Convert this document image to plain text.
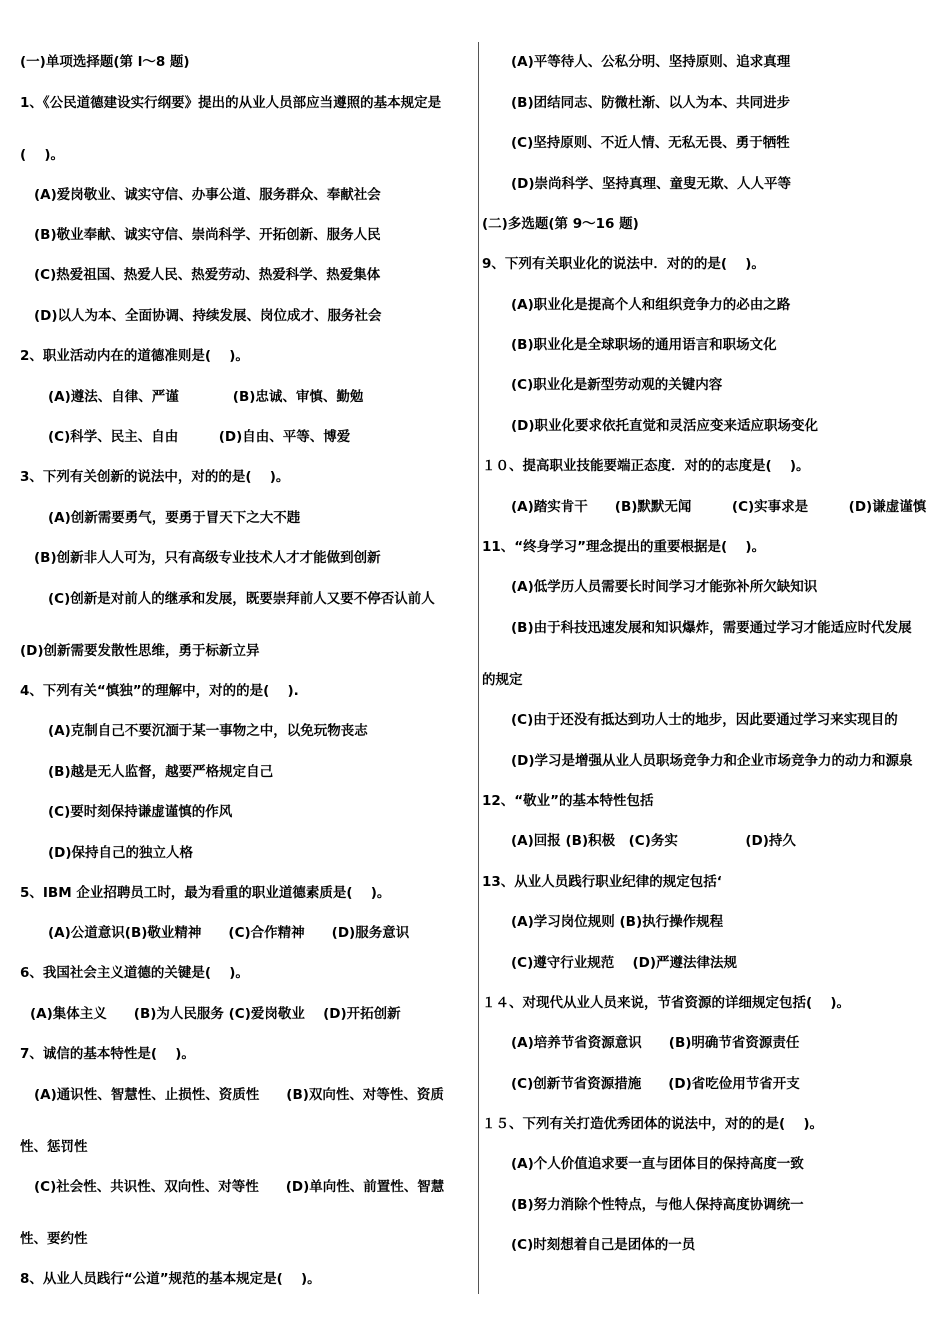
(一)单项选择题(第 l～8 题)
1、《公民道德建设实行纲要》提出的从业人员部应当遵照的基本规定是
(　 )。
(A)爱岗敬业、诚实守信、办事公道、服务群众、奉献社会
(B)敬业奉献、诚实守信、崇尚科学、开拓创新、服务人民
(C)热爱祖国、热爱人民、热爱劳动、热爱科学、热爱集体
(D)以人为本、全面协调、持续发展、岗位成才、服务社会
2、职业活动内在的道德准则是(　 )。
(A)遵法、自律、严谨　　　　(B)忠诚、审慎、勤勉
(C)科学、民主、自由　　　(D)自由、平等、博爱
3、下列有关创新的说法中，对的的是(　 )。
(A)创新需要勇气，要勇于冒天下之大不韪
(B)创新非人人可为，只有高级专业技术人才才能做到创新
(C)创新是对前人的继承和发展，既要崇拜前人又要不停否认前人
(D)创新需要发散性思维，勇于标新立异
4、下列有关“慎独”的理解中，对的的是(　 ).
(A)克制自己不要沉湎于某一事物之中，以免玩物丧志
(B)越是无人监督，越要严格规定自己
(C)要时刻保持谦虚谨慎的作风
(D)保持自己的独立人格
5、IBM 企业招聘员工时，最为看重的职业道德素质是(　 )。
(A)公道意识(B)敬业精神　　(C)合作精神　　(D)服务意识
6、我国社会主义道德的关键是(　 )。
(A)集体主义　　(B)为人民服务 (C)爱岗敬业　 (D)开拓创新
7、诚信的基本特性是(　 )。
(A)通识性、智慧性、止损性、资质性　　(B)双向性、对等性、资质
性、惩罚性
(C)社会性、共识性、双向性、对等性　　(D)单向性、前置性、智慧
性、要约性
8、从业人员践行“公道”规范的基本规定是(　 )。
(A)平等待人、公私分明、坚持原则、追求真理
(B)团结同志、防微杜渐、以人为本、共同进步
(C)坚持原则、不近人情、无私无畏、勇于牺牲
(D)崇尚科学、坚持真理、童叟无欺、人人平等
(二)多选题(第 9～16 题)
9、下列有关职业化的说法中．对的的是(　 )。
(A)职业化是提高个人和组织竞争力的必由之路
(B)职业化是全球职场的通用语言和职场文化
(C)职业化是新型劳动观的关键内容
(D)职业化要求依托直觉和灵活应变来适应职场变化
１０、提高职业技能要端正态度．对的的志度是(　 )。
(A)踏实肯干　　(B)默默无闻　　　(C)实事求是　　　(D)谦虚谨慎
11、“终身学习”理念提出的重要根据是(　 )。
(A)低学历人员需要长时间学习才能弥补所欠缺知识
(B)由于科技迅速发展和知识爆炸，需要通过学习才能适应时代发展
的规定
(C)由于还没有抵达到功人士的地步，因此要通过学习来实现目的
(D)学习是增强从业人员职场竞争力和企业市场竞争力的动力和源泉
12、“敬业”的基本特性包括
(A)回报 (B)积极　(C)务实　　　　　(D)持久
13、从业人员践行职业纪律的规定包括‘
(A)学习岗位规则 (B)执行操作规程
(C)遵守行业规范　 (D)严遵法律法规
１４、对现代从业人员来说，节省资源的详细规定包括(　 )。
(A)培养节省资源意识　　(B)明确节省资源责任
(C)创新节省资源措施　　(D)省吃俭用节省开支
１５、下列有关打造优秀团体的说法中，对的的是(　 )。
(A)个人价值追求要一直与团体目的保持高度一致
(B)努力消除个性特点，与他人保持高度协调统一
(C)时刻想着自己是团体的一员
